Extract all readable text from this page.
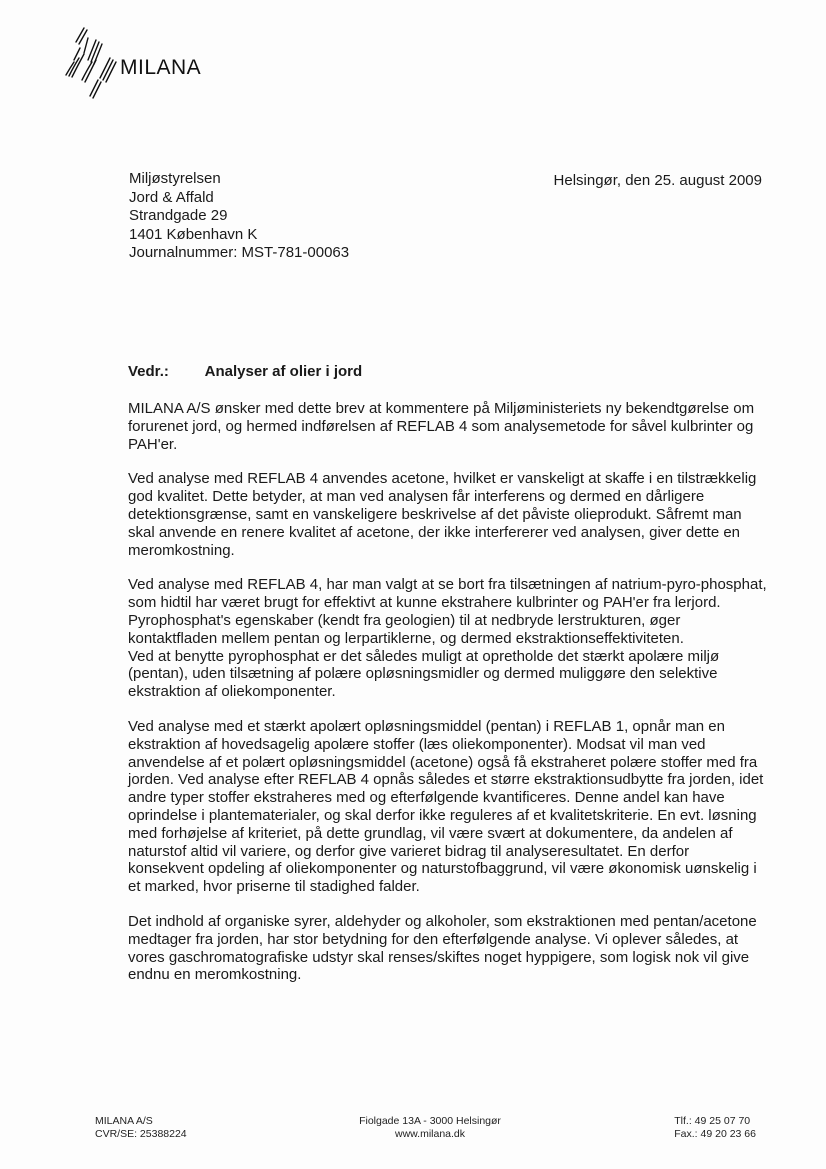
MILANA
Miljøstyrelsen
Jord & Affald
Strandgade 29
1401 København K
Journalnummer: MST-781-00063
Helsingør, den 25. august 2009
Vedr.: Analyser af olier i jord

MILANA A/S ønsker med dette brev at kommentere på Miljøministeriets ny bekendtgørelse om forurenet jord, og hermed indførelsen af REFLAB 4 som analysemetode for såvel kulbrinter og PAH'er.

Ved analyse med REFLAB 4 anvendes acetone, hvilket er vanskeligt at skaffe i en tilstrækkelig god kvalitet. Dette betyder, at man ved analysen får interferens og dermed en dårligere detektionsgrænse, samt en vanskeligere beskrivelse af det påviste olieprodukt. Såfremt man skal anvende en renere kvalitet af acetone, der ikke interfererer ved analysen, giver dette en meromkostning.

Ved analyse med REFLAB 4, har man valgt at se bort fra tilsætningen af natrium-pyro-phosphat, som hidtil har været brugt for effektivt at kunne ekstrahere kulbrinter og PAH'er fra lerjord. Pyrophosphat's egenskaber (kendt fra geologien) til at nedbryde lerstrukturen, øger kontaktfladen mellem pentan og lerpartiklerne, og dermed ekstraktionseffektiviteten.

Ved at benytte pyrophosphat er det således muligt at opretholde det stærkt apolære miljø (pentan), uden tilsætning af polære opløsningsmidler og dermed muliggøre den selektive ekstraktion af oliekomponenter.

Ved analyse med et stærkt apolært opløsningsmiddel (pentan) i REFLAB 1, opnår man en ekstraktion af hovedsagelig apolære stoffer (læs oliekomponenter). Modsat vil man ved anvendelse af et polært opløsningsmiddel (acetone) også få ekstraheret polære stoffer med fra jorden. Ved analyse efter REFLAB 4 opnås således et større ekstraktionsudbytte fra jorden, idet andre typer stoffer ekstraheres med og efterfølgende kvantificeres. Denne andel kan have oprindelse i plantematerialer, og skal derfor ikke reguleres af et kvalitetskriterie. En evt. løsning med forhøjelse af kriteriet, på dette grundlag, vil være svært at dokumentere, da andelen af naturstof altid vil variere, og derfor give varieret bidrag til analyseresultatet. En derfor konsekvent opdeling af oliekomponenter og naturstofbaggrund, vil være økonomisk uønskelig i et marked, hvor priserne til stadighed falder.

Det indhold af organiske syrer, aldehyder og alkoholer, som ekstraktionen med pentan/acetone medtager fra jorden, har stor betydning for den efterfølgende analyse. Vi oplever således, at vores gaschromatografiske udstyr skal renses/skiftes noget hyppigere, som logisk nok vil give endnu en meromkostning.

MILANA A/S
CVR/SE: 25388224
Fiolgade 13A - 3000 Helsingør
www.milana.dk
Tlf.: 49 25 07 70
Fax.: 49 20 23 66
